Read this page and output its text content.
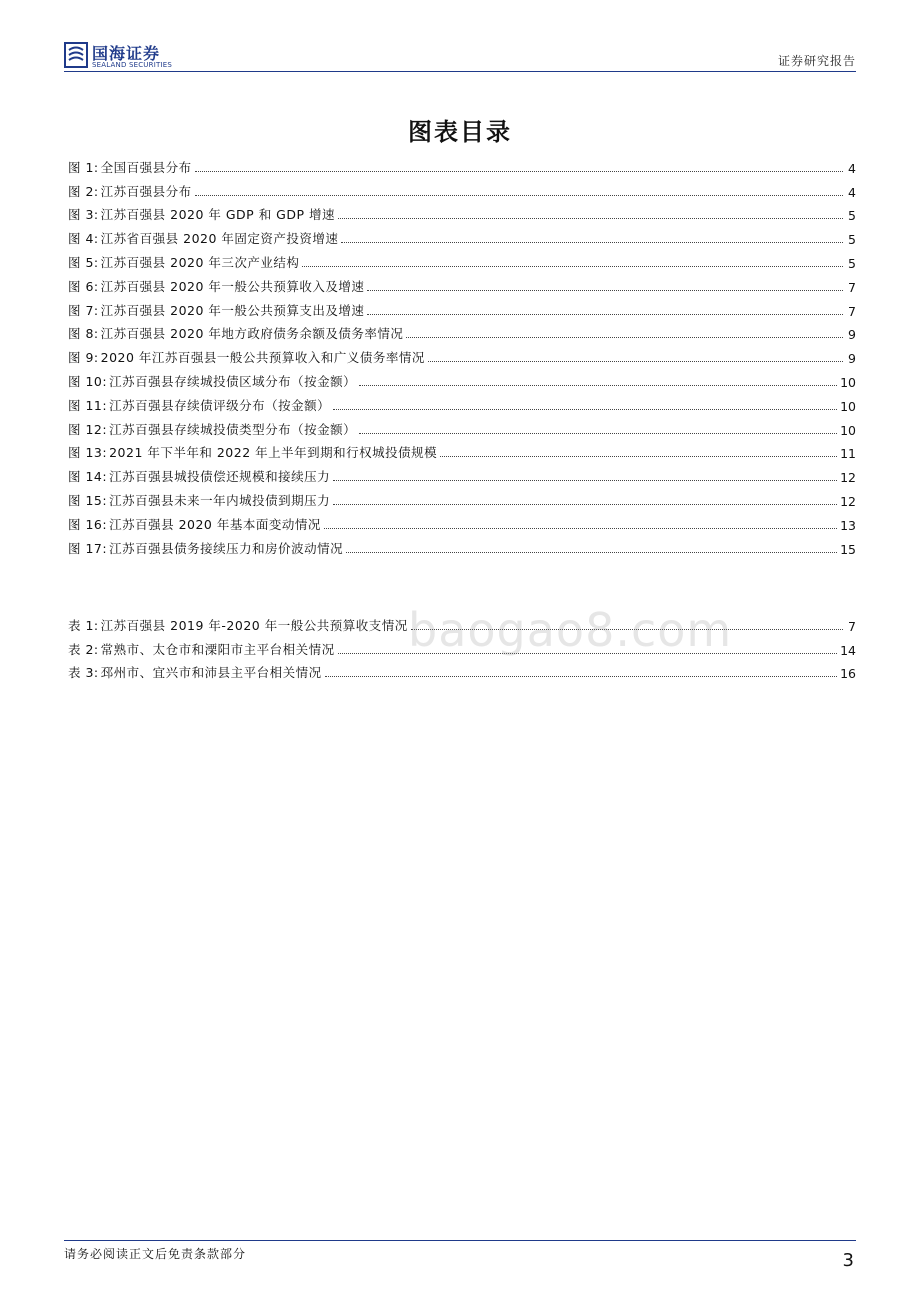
国海证券
SEALAND SECURITIES	证券研究报告
图表目录
图 1: 全国百强县分布	4
图 2: 江苏百强县分布	4
图 3: 江苏百强县 2020 年 GDP 和 GDP 增速	5
图 4: 江苏省百强县 2020 年固定资产投资增速	5
图 5: 江苏百强县 2020 年三次产业结构	5
图 6: 江苏百强县 2020 年一般公共预算收入及增速	7
图 7: 江苏百强县 2020 年一般公共预算支出及增速	7
图 8: 江苏百强县 2020 年地方政府债务余额及债务率情况	9
图 9: 2020 年江苏百强县一般公共预算收入和广义债务率情况	9
图 10: 江苏百强县存续城投债区域分布（按金额）	10
图 11: 江苏百强县存续债评级分布（按金额）	10
图 12: 江苏百强县存续城投债类型分布（按金额）	10
图 13: 2021 年下半年和 2022 年上半年到期和行权城投债规模	11
图 14: 江苏百强县城投债偿还规模和接续压力	12
图 15: 江苏百强县未来一年内城投债到期压力	12
图 16: 江苏百强县 2020 年基本面变动情况	13
图 17: 江苏百强县债务接续压力和房价波动情况	15
表 1: 江苏百强县 2019 年-2020 年一般公共预算收支情况	7
表 2: 常熟市、太仓市和溧阳市主平台相关情况	14
表 3: 邳州市、宜兴市和沛县主平台相关情况	16
baogao8.com
请务必阅读正文后免责条款部分	3
